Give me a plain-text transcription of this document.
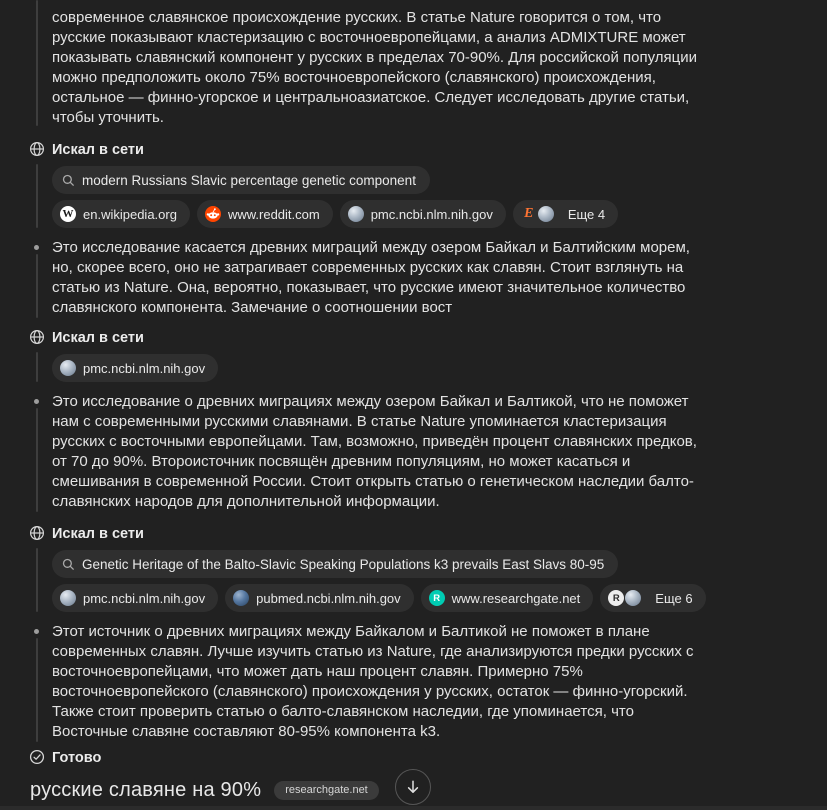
современное славянское происхождение русских. В статье Nature говорится о том, что русские показывают кластеризацию с восточноевропейцами, а анализ ADMIXTURE может показывать славянский компонент у русских в пределах 70-90%. Для российской популяции можно предположить около 75% восточноевропейского (славянского) происхождения, остальное — финно-угорское и центральноазиатское. Следует исследовать другие статьи, чтобы уточнить.
Искал в сети
modern Russians Slavic percentage genetic component
W en.wikipedia.org	www.reddit.com	pmc.ncbi.nlm.nih.gov E	Еще 4
Это исследование касается древних миграций между озером Байкал и Балтийским морем, но, скорее всего, оно не затрагивает современных русских как славян. Стоит взглянуть на статью из Nature. Она, вероятно, показывает, что русские имеют значительное количество славянского компонента. Замечание о соотношении вост
Искал в сети
pmc.ncbi.nlm.nih.gov
Это исследование о древних миграциях между озером Байкал и Балтикой, что не поможет нам с современными русскими славянами. В статье Nature упоминается кластеризация русских с восточными европейцами. Там, возможно, приведён процент славянских предков, от 70 до 90%. Второисточник посвящён древним популяциям, но может касаться и смешивания в современной России. Стоит открыть статью о генетическом наследии балто-славянских народов для дополнительной информации.
Искал в сети
Genetic Heritage of the Balto-Slavic Speaking Populations k3 prevails East Slavs 80-95
pmc.ncbi.nlm.nih.gov	pubmed.ncbi.nlm.nih.gov	R www.researchgate.net	R	Еще 6
Этот источник о древних миграциях между Байкалом и Балтикой не поможет в плане современных славян. Лучше изучить статью из Nature, где анализируются предки русских с восточноевропейцами, что может дать наш процент славян. Примерно 75% восточноевропейского (славянского) происхождения у русских, остаток — финно-угорский. Также стоит проверить статью о балто-славянском наследии, где упоминается, что Восточные славяне составляют 80-95% компонента k3.
Готово
русские славяне на 90%	researchgate.net
